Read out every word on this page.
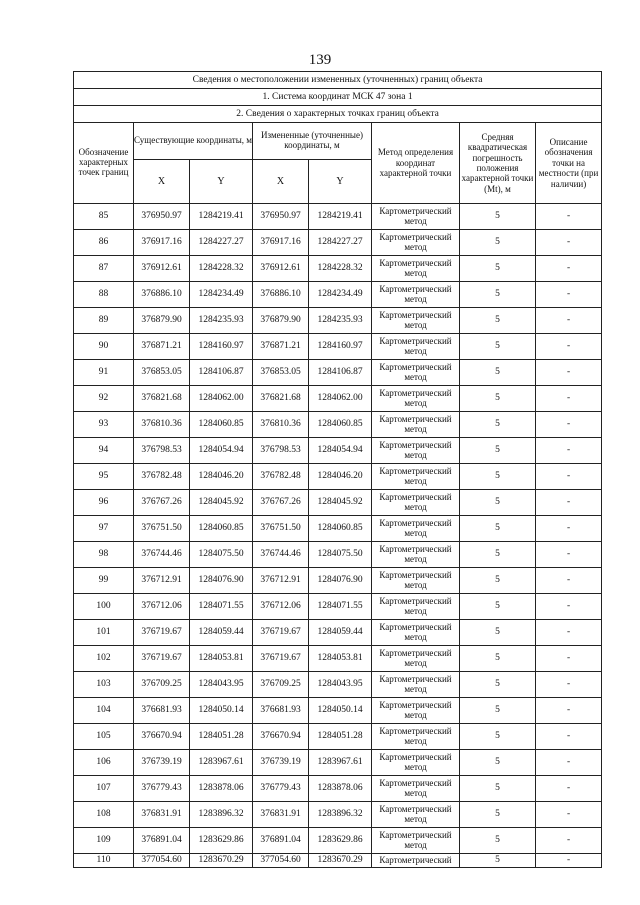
139
Сведения о местоположении измененных (уточненных) границ объекта							
1. Система координат МСК 47 зона 1							
2. Сведения о характерных точках границ объекта							
Обозначение характерных точек границ	Существующие координаты, м		Измененные (уточненные) координаты, м		Метод определения координат характерной точки	Средняя квадратическая погрешность положения характерной точки (Mt), м	Описание обозначения точки на местности (при наличии)
	X	Y	X	Y			
85	376950.97	1284219.41	376950.97	1284219.41	Картометрический метод	5	-
86	376917.16	1284227.27	376917.16	1284227.27	Картометрический метод	5	-
87	376912.61	1284228.32	376912.61	1284228.32	Картометрический метод	5	-
88	376886.10	1284234.49	376886.10	1284234.49	Картометрический метод	5	-
89	376879.90	1284235.93	376879.90	1284235.93	Картометрический метод	5	-
90	376871.21	1284160.97	376871.21	1284160.97	Картометрический метод	5	-
91	376853.05	1284106.87	376853.05	1284106.87	Картометрический метод	5	-
92	376821.68	1284062.00	376821.68	1284062.00	Картометрический метод	5	-
93	376810.36	1284060.85	376810.36	1284060.85	Картометрический метод	5	-
94	376798.53	1284054.94	376798.53	1284054.94	Картометрический метод	5	-
95	376782.48	1284046.20	376782.48	1284046.20	Картометрический метод	5	-
96	376767.26	1284045.92	376767.26	1284045.92	Картометрический метод	5	-
97	376751.50	1284060.85	376751.50	1284060.85	Картометрический метод	5	-
98	376744.46	1284075.50	376744.46	1284075.50	Картометрический метод	5	-
99	376712.91	1284076.90	376712.91	1284076.90	Картометрический метод	5	-
100	376712.06	1284071.55	376712.06	1284071.55	Картометрический метод	5	-
101	376719.67	1284059.44	376719.67	1284059.44	Картометрический метод	5	-
102	376719.67	1284053.81	376719.67	1284053.81	Картометрический метод	5	-
103	376709.25	1284043.95	376709.25	1284043.95	Картометрический метод	5	-
104	376681.93	1284050.14	376681.93	1284050.14	Картометрический метод	5	-
105	376670.94	1284051.28	376670.94	1284051.28	Картометрический метод	5	-
106	376739.19	1283967.61	376739.19	1283967.61	Картометрический метод	5	-
107	376779.43	1283878.06	376779.43	1283878.06	Картометрический метод	5	-
108	376831.91	1283896.32	376831.91	1283896.32	Картометрический метод	5	-
109	376891.04	1283629.86	376891.04	1283629.86	Картометрический метод	5	-
110	377054.60	1283670.29	377054.60	1283670.29	Картометрический	5	-
